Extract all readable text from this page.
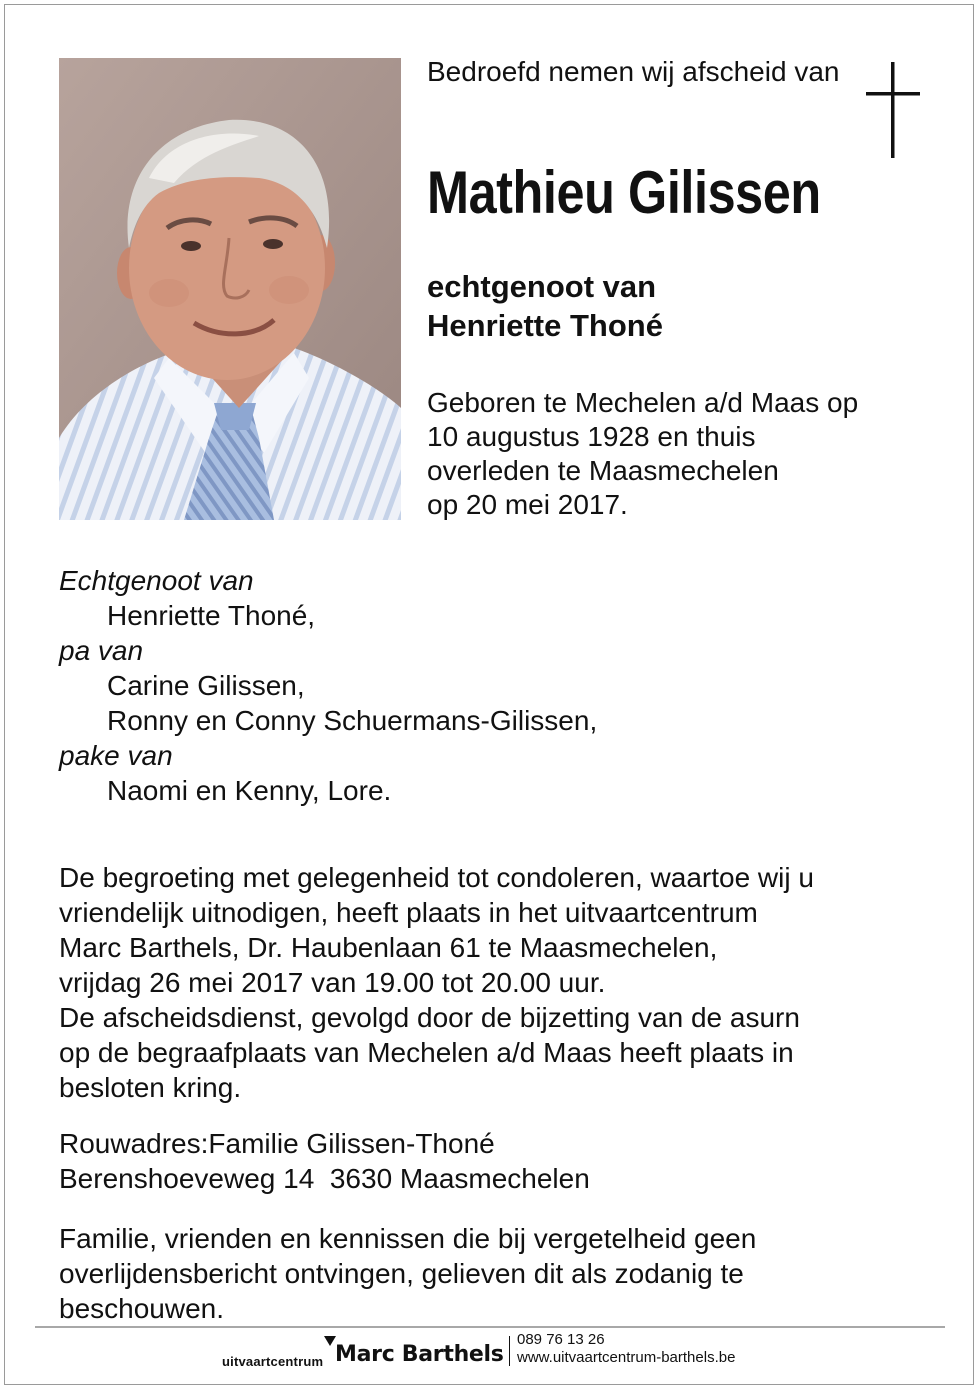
Bedroefd nemen wij afscheid van

Mathieu Gilissen

echtgenoot van
Henriette Thoné
Geboren te Mechelen a/d Maas op
10 augustus 1928 en thuis
overleden te Maasmechelen
op 20 mei 2017.
Echtgenoot van
Henriette Thoné,
pa van
Carine Gilissen,
Ronny en Conny Schuermans-Gilissen,
pake van
Naomi en Kenny, Lore.
De begroeting met gelegenheid tot condoleren, waartoe wij u
vriendelijk uitnodigen, heeft plaats in het uitvaartcentrum
Marc Barthels, Dr. Haubenlaan 61 te Maasmechelen,
vrijdag 26 mei 2017 van 19.00 tot 20.00 uur.
De afscheidsdienst, gevolgd door de bijzetting van de asurn
op de begraafplaats van Mechelen a/d Maas heeft plaats in
besloten kring.
Rouwadres:Familie Gilissen-Thoné
Berenshoeveweg 14  3630 Maasmechelen
Familie, vrienden en kennissen die bij vergetelheid geen
overlijdensbericht ontvingen, gelieven dit als zodanig te
beschouwen.
uitvaartcentrum Marc Barthels
089 76 13 26
www.uitvaartcentrum-barthels.be
